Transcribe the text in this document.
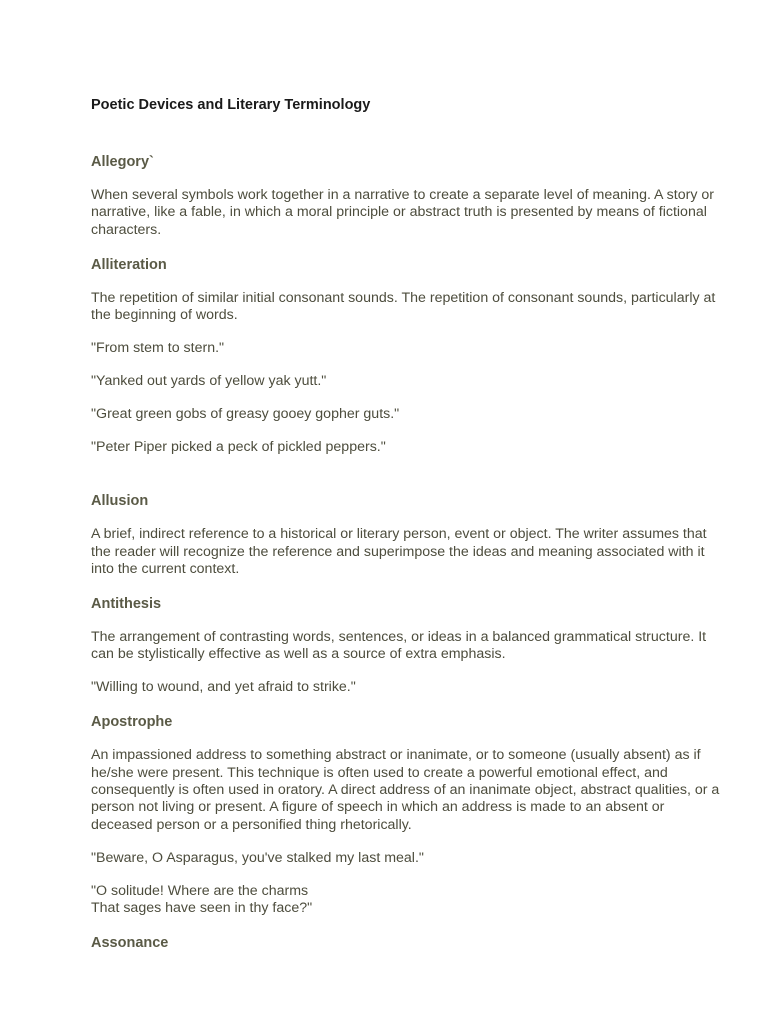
Poetic Devices and Literary Terminology
Allegory`
When several symbols work together in a narrative to create a separate level of meaning. A story or narrative, like a fable, in which a moral principle or abstract truth is presented by means of fictional characters.
Alliteration
The repetition of similar initial consonant sounds. The repetition of consonant sounds, particularly at the beginning of words.
"From stem to stern."
"Yanked out yards of yellow yak yutt."
"Great green gobs of greasy gooey gopher guts."
"Peter Piper picked a peck of pickled peppers."
Allusion
A brief, indirect reference to a historical or literary person, event or object. The writer assumes that the reader will recognize the reference and superimpose the ideas and meaning associated with it into the current context.
Antithesis
The arrangement of contrasting words, sentences, or ideas in a balanced grammatical structure. It can be stylistically effective as well as a source of extra emphasis.
"Willing to wound, and yet afraid to strike."
Apostrophe
An impassioned address to something abstract or inanimate, or to someone (usually absent) as if he/she were present. This technique is often used to create a powerful emotional effect, and consequently is often used in oratory. A direct address of an inanimate object, abstract qualities, or a person not living or present. A figure of speech in which an address is made to an absent or deceased person or a personified thing rhetorically.
"Beware, O Asparagus, you've stalked my last meal."
"O solitude! Where are the charms
That sages have seen in thy face?"
Assonance
